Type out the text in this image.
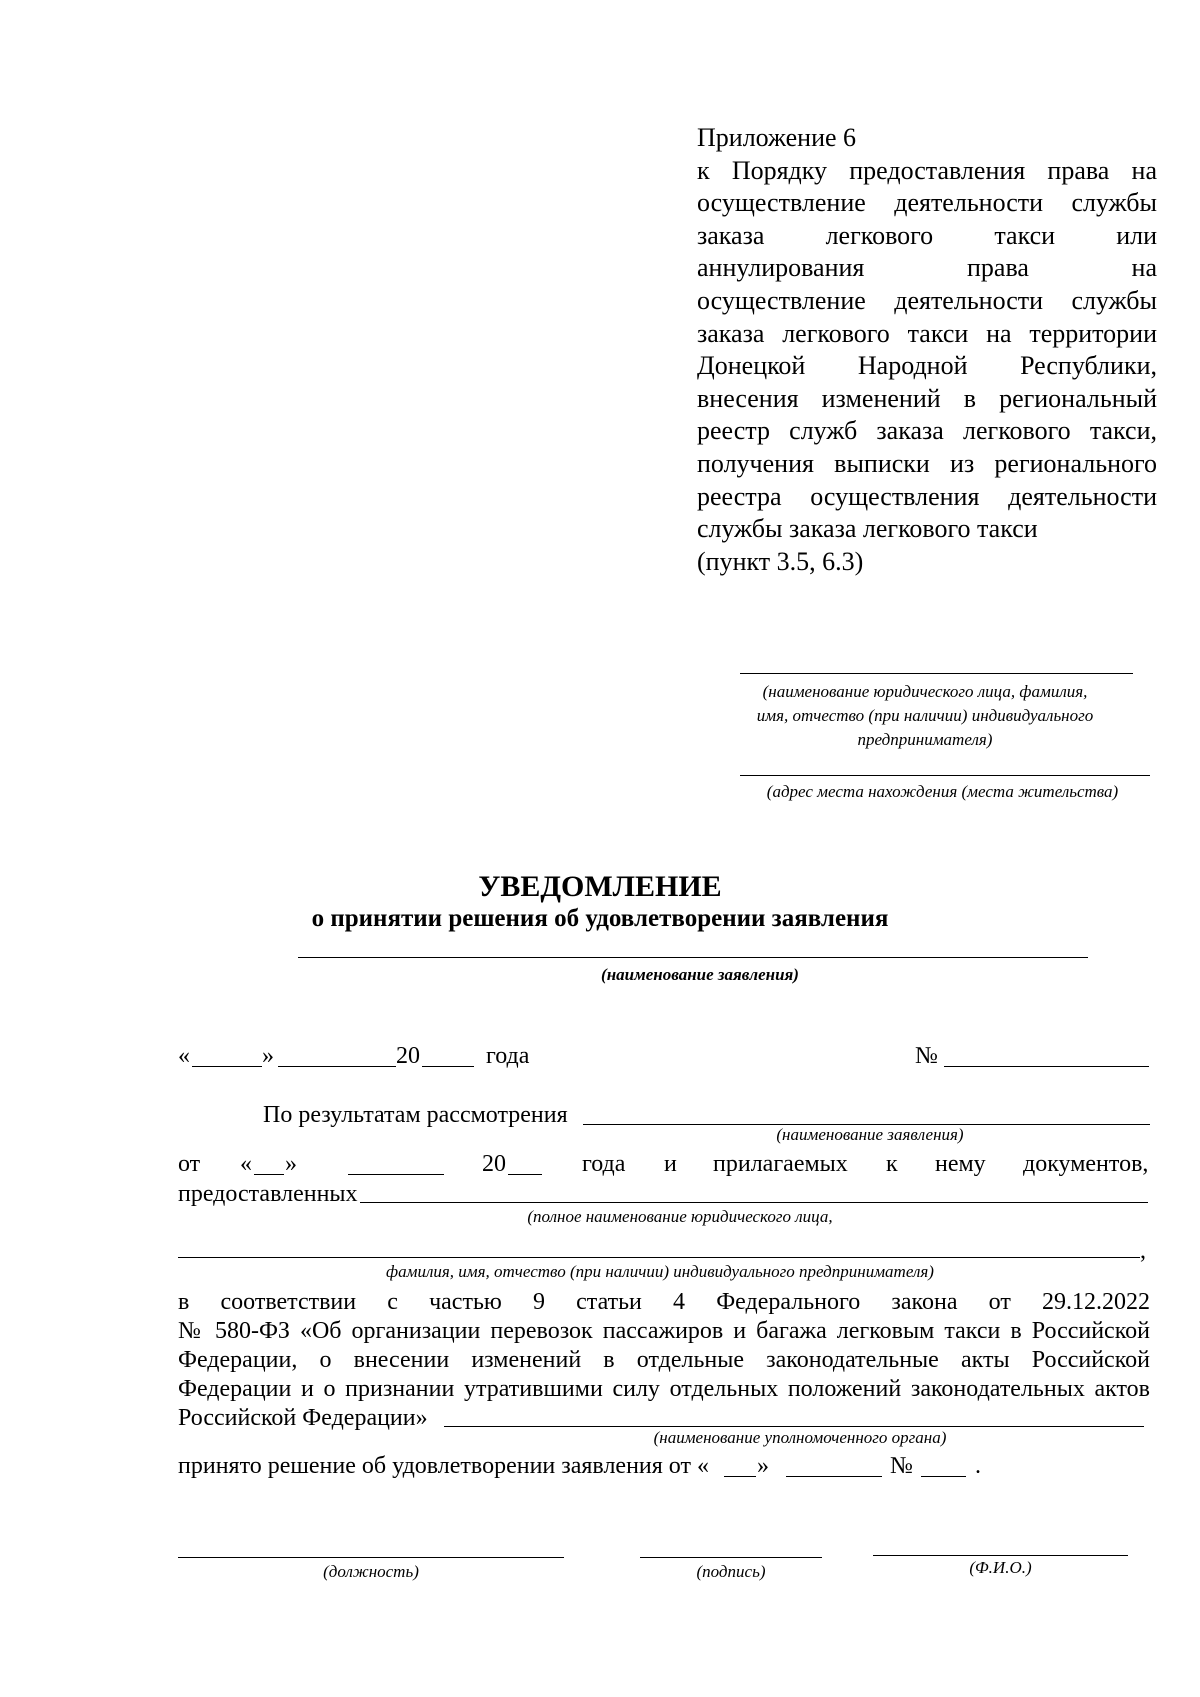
Приложение 6
к Порядку предоставления права на
осуществление деятельности службы
заказа легкового такси или
аннулирования права на
осуществление деятельности службы
заказа легкового такси на территории
Донецкой Народной Республики,
внесения изменений в региональный
реестр служб заказа легкового такси,
получения выписки из регионального
реестра осуществления деятельности
службы заказа легкового такси
(пункт 3.5, 6.3)
(наименование юридического лица, фамилия,
имя, отчество (при наличии) индивидуального
предпринимателя)
(адрес места нахождения (места жительства)
УВЕДОМЛЕНИЕ
о принятии решения об удовлетворении заявления
(наименование заявления)
«	»	20	года	№
По результатам рассмотрения
(наименование заявления)
от « »	20	года и прилагаемых к нему документов,
предоставленных
(полное наименование юридического лица,
,
фамилия, имя, отчество (при наличии) индивидуального предпринимателя)
в соответствии с частью 9 статьи 4 Федерального закона от 29.12.2022
№ 580-ФЗ «Об организации перевозок пассажиров и багажа легковым такси в Российской
Федерации, о внесении изменений в отдельные законодательные акты Российской
Федерации и о признании утратившими силу отдельных положений законодательных актов
Российской Федерации»
(наименование уполномоченного органа)
принято решение об удовлетворении заявления от « »	№	.
(должность)	(подпись)	(Ф.И.О.)
